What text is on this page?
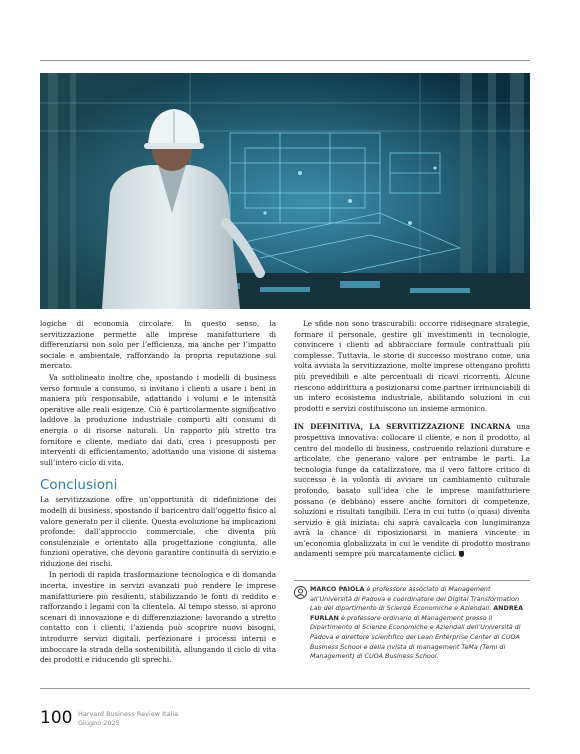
logiche di economia circolare. In questo senso, la servitizzazione permette alle imprese manifatturiere di differenziarsi non solo per l’efficienza, ma anche per l’impatto sociale e ambientale, rafforzando la propria reputazione sul mercato.

Va sottolineato inoltre che, spostando i modelli di business verso formule a consumo, si invitano i clienti a usare i beni in maniera più responsabile, adattando i volumi e le intensità operative alle reali esigenze. Ciò è particolarmente significativo laddove la produzione industriale comporti alti consumi di energia o di risorse naturali. Un rapporto più stretto tra fornitore e cliente, mediato dai dati, crea i presupposti per interventi di efficientamento, adottando una visione di sistema sull’intero ciclo di vita.

Conclusioni

La servitizzazione offre un’opportunità di ridefinizione dei modelli di business, spostando il baricentro dall’oggetto fisico al valore generato per il cliente. Questa evoluzione ha implicazioni profonde: dall’approccio commerciale, che diventa più consulenziale e orientato alla progettazione congiunta, alle funzioni operative, che devono garantire continuità di servizio e riduzione dei rischi.

In periodi di rapida trasformazione tecnologica e di domanda incerta, investire in servizi avanzati può rendere le imprese manifatturiere più resilienti, stabilizzando le fonti di reddito e rafforzando i legami con la clientela. Al tempo stesso, si aprono scenari di innovazione e di differenziazione: lavorando a stretto contatto con i clienti, l’azienda può scoprire nuovi bisogni, introdurre servizi digitali, perfezionare i processi interni e imboccare la strada della sostenibilità, allungando il ciclo di vita dei prodotti e riducendo gli sprechi.

Le sfide non sono trascurabili: occorre ridisegnare strategie, formare il personale, gestire gli investimenti in tecnologie, convincere i clienti ad abbracciare formule contrattuali più complesse. Tuttavia, le storie di successo mostrano come, una volta avviata la servitizzazione, molte imprese ottengano profitti più prevedibili e alte percentuali di ricavi ricorrenti. Alcune riescono addirittura a posizionarsi come partner irrinunciabili di un intero ecosistema industriale, abilitando soluzioni in cui prodotti e servizi costituiscono un insieme armonico.

IN DEFINITIVA, LA SERVITIZZAZIONE INCARNA una prospettiva innovativa: collocare il cliente, e non il prodotto, al centro del modello di business, costruendo relazioni durature e articolate, che generano valore per entrambe le parti. La tecnologia funge da catalizzatore, ma il vero fattore critico di successo è la volontà di avviare un cambiamento culturale profondo, basato sull’idea che le imprese manifatturiere possano (e debbano) essere anche fornitori di competenze, soluzioni e risultati tangibili. L’era in cui tutto (o quasi) diventa servizio è già iniziata: chi saprà cavalcarla con lungimiranza avrà la chance di riposizionarsi in maniera vincente in un’economia globalizzata in cui le vendite di prodotto mostrano andamenti sempre più marcatamente ciclici.

MARCO PAIOLA è professore associato di Management all’Università di Padova e coordinatore del Digital Transformation Lab del dipartimento di Scienze Economiche e Aziendali. ANDREA FURLAN è professore ordinario di Management presso il Dipartimento di Scienze Economiche e Aziendali dell’Università di Padova e direttore scientifico del Lean Enterprise Center di CUOA Business School e della rivista di management TeMa (Temi di Management) di CUOA Business School.
100 Harvard Business Review Italia
Giugno 2025
